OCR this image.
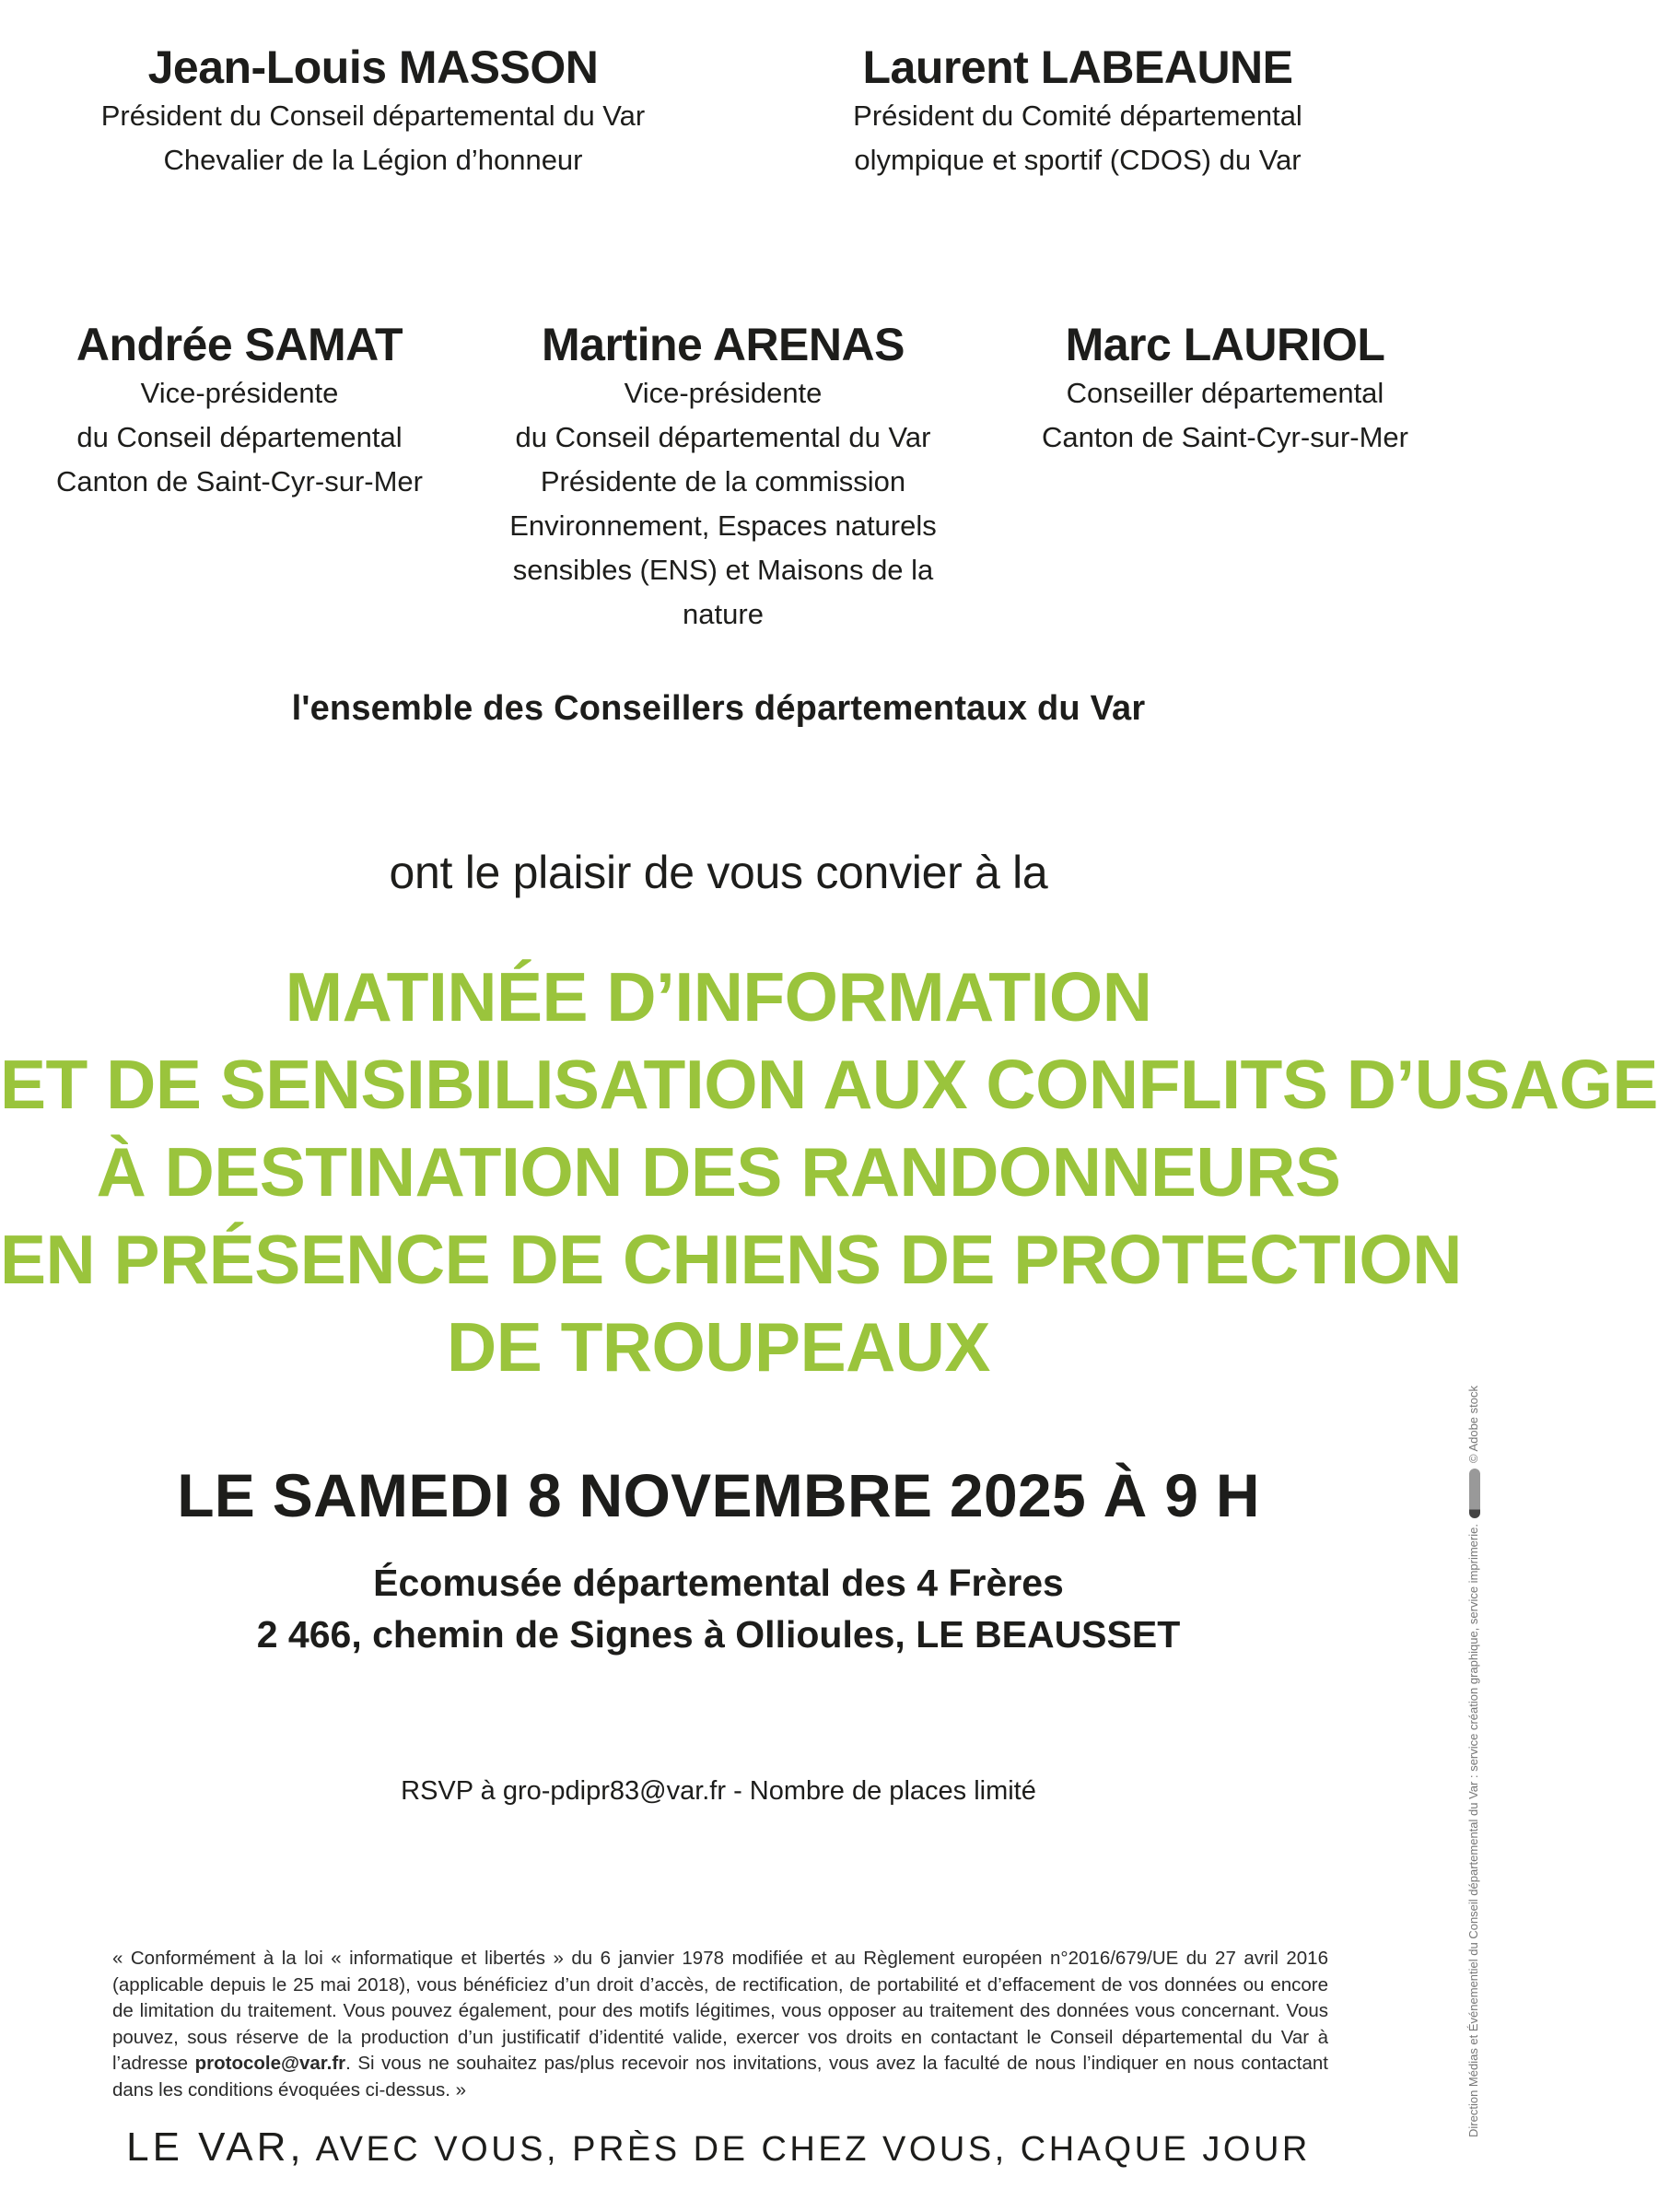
Jean-Louis MASSON
Président du Conseil départemental du Var
Chevalier de la Légion d’honneur
Laurent LABEAUNE
Président du Comité départemental
olympique et sportif (CDOS) du Var
Andrée SAMAT
Vice-présidente
du Conseil départemental
Canton de Saint-Cyr-sur-Mer
Martine ARENAS
Vice-présidente
du Conseil départemental du Var
Présidente de la commission
Environnement, Espaces naturels
sensibles (ENS) et Maisons de la nature
Marc LAURIOL
Conseiller départemental
Canton de Saint-Cyr-sur-Mer
l'ensemble des Conseillers départementaux du Var
ont le plaisir de vous convier à la
MATINÉE D’INFORMATION
ET DE SENSIBILISATION AUX CONFLITS D’USAGE
À DESTINATION DES RANDONNEURS
EN PRÉSENCE DE CHIENS DE PROTECTION
DE TROUPEAUX
LE SAMEDI 8 NOVEMBRE 2025 À 9 H
Écomusée départemental des 4 Frères
2 466, chemin de Signes à Ollioules, LE BEAUSSET
RSVP à gro-pdipr83@var.fr - Nombre de places limité
« Conformément à la loi « informatique et libertés » du 6 janvier 1978 modifiée et au Règlement européen n°2016/679/UE du 27 avril 2016 (applicable depuis le 25 mai 2018), vous bénéficiez d’un droit d’accès, de rectification, de portabilité et d’effacement de vos données ou encore de limitation du traitement. Vous pouvez également, pour des motifs légitimes, vous opposer au traitement des données vous concernant. Vous pouvez, sous réserve de la production d’un justificatif d’identité valide, exercer vos droits en contactant le Conseil départemental du Var à l’adresse protocole@var.fr. Si vous ne souhaitez pas/plus recevoir nos invitations, vous avez la faculté de nous l’indiquer en nous contactant dans les conditions évoquées ci-dessus. »
LE VAR, AVEC VOUS, PRÈS DE CHEZ VOUS, CHAQUE JOUR
Direction Médias et Événementiel du Conseil départemental du Var : service création graphique, service imprimerie.© Adobe stock
